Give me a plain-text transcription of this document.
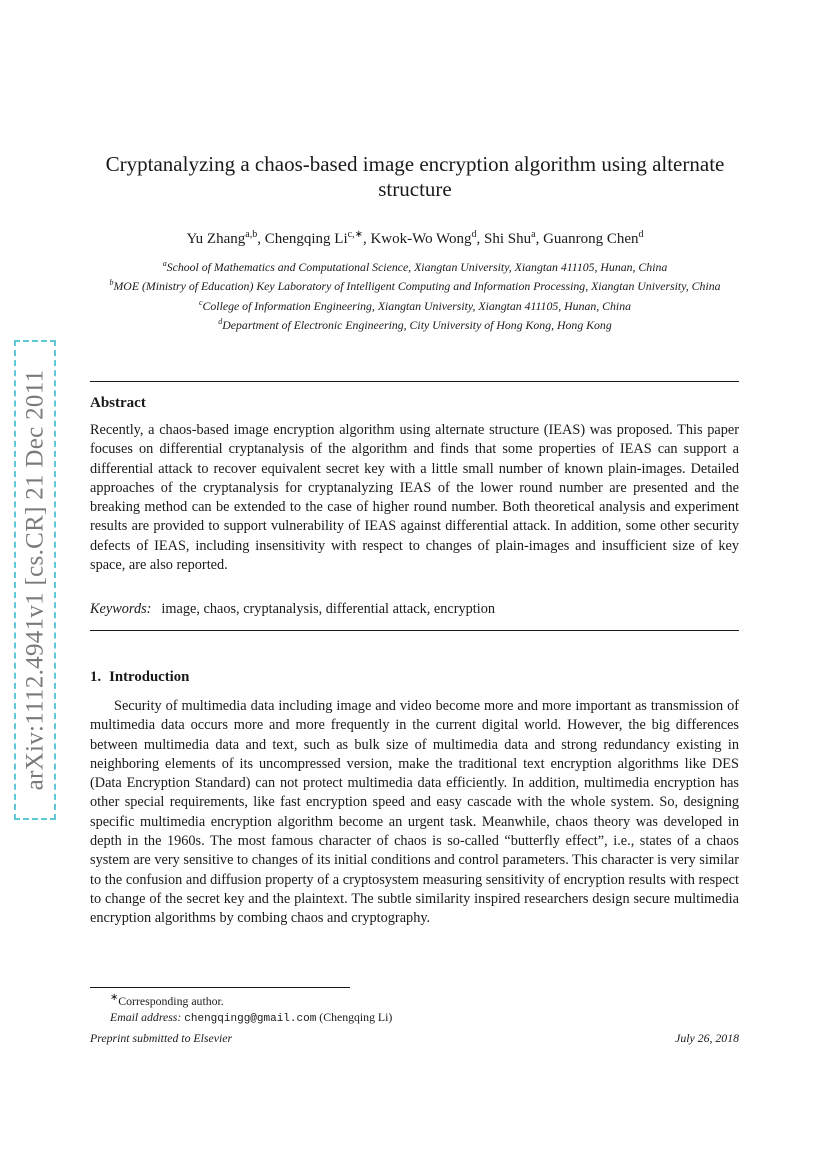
arXiv:1112.4941v1 [cs.CR] 21 Dec 2011
Cryptanalyzing a chaos-based image encryption algorithm using alternate structure
Yu Zhang$^{a,b}$, Chengqing $Li^{c,∗}$, Kwok-Wo Wong$^d$, Shi Shu$^a$, Guanrong Chen$^d$
$^a$School of Mathematics and Computational Science, Xiangtan University, Xiangtan 411105, Hunan, China
$^b$MOE (Ministry of Education) Key Laboratory of Intelligent Computing and Information Processing, Xiangtan University, China
$^c$College of Information Engineering, Xiangtan University, Xiangtan 411105, Hunan, China
$^d$Department of Electronic Engineering, City University of Hong Kong, Hong Kong
Abstract
Recently, a chaos-based image encryption algorithm using alternate structure (IEAS) was proposed. This paper focuses on differential cryptanalysis of the algorithm and finds that some properties of IEAS can support a differential attack to recover equivalent secret key with a little small number of known plain-images. Detailed approaches of the cryptanalysis for cryptanalyzing IEAS of the lower round number are presented and the breaking method can be extended to the case of higher round number. Both theoretical analysis and experiment results are provided to support vulnerability of IEAS against differential attack. In addition, some other security defects of IEAS, including insensitivity with respect to changes of plain-images and insufficient size of key space, are also reported.
Keywords: image, chaos, cryptanalysis, differential attack, encryption
1. Introduction
Security of multimedia data including image and video become more and more important as transmission of multimedia data occurs more and more frequently in the current digital world. However, the big differences between multimedia data and text, such as bulk size of multimedia data and strong redundancy existing in neighboring elements of its uncompressed version, make the traditional text encryption algorithms like DES (Data Encryption Standard) can not protect multimedia data efficiently. In addition, multimedia encryption has other special requirements, like fast encryption speed and easy cascade with the whole system. So, designing specific multimedia encryption algorithm become an urgent task. Meanwhile, chaos theory was developed in depth in the 1960s. The most famous character of chaos is so-called “butterfly effect”, i.e., states of a chaos system are very sensitive to changes of its initial conditions and control parameters. This character is very similar to the confusion and diffusion property of a cryptosystem measuring sensitivity of encryption results with respect to change of the secret key and the plaintext. The subtle similarity inspired researchers design secure multimedia encryption algorithms by combing chaos and cryptography.
∗Corresponding author.
Email address: chengqingg@gmail.com (Chengqing Li)
Preprint submitted to Elsevier	July 26, 2018
